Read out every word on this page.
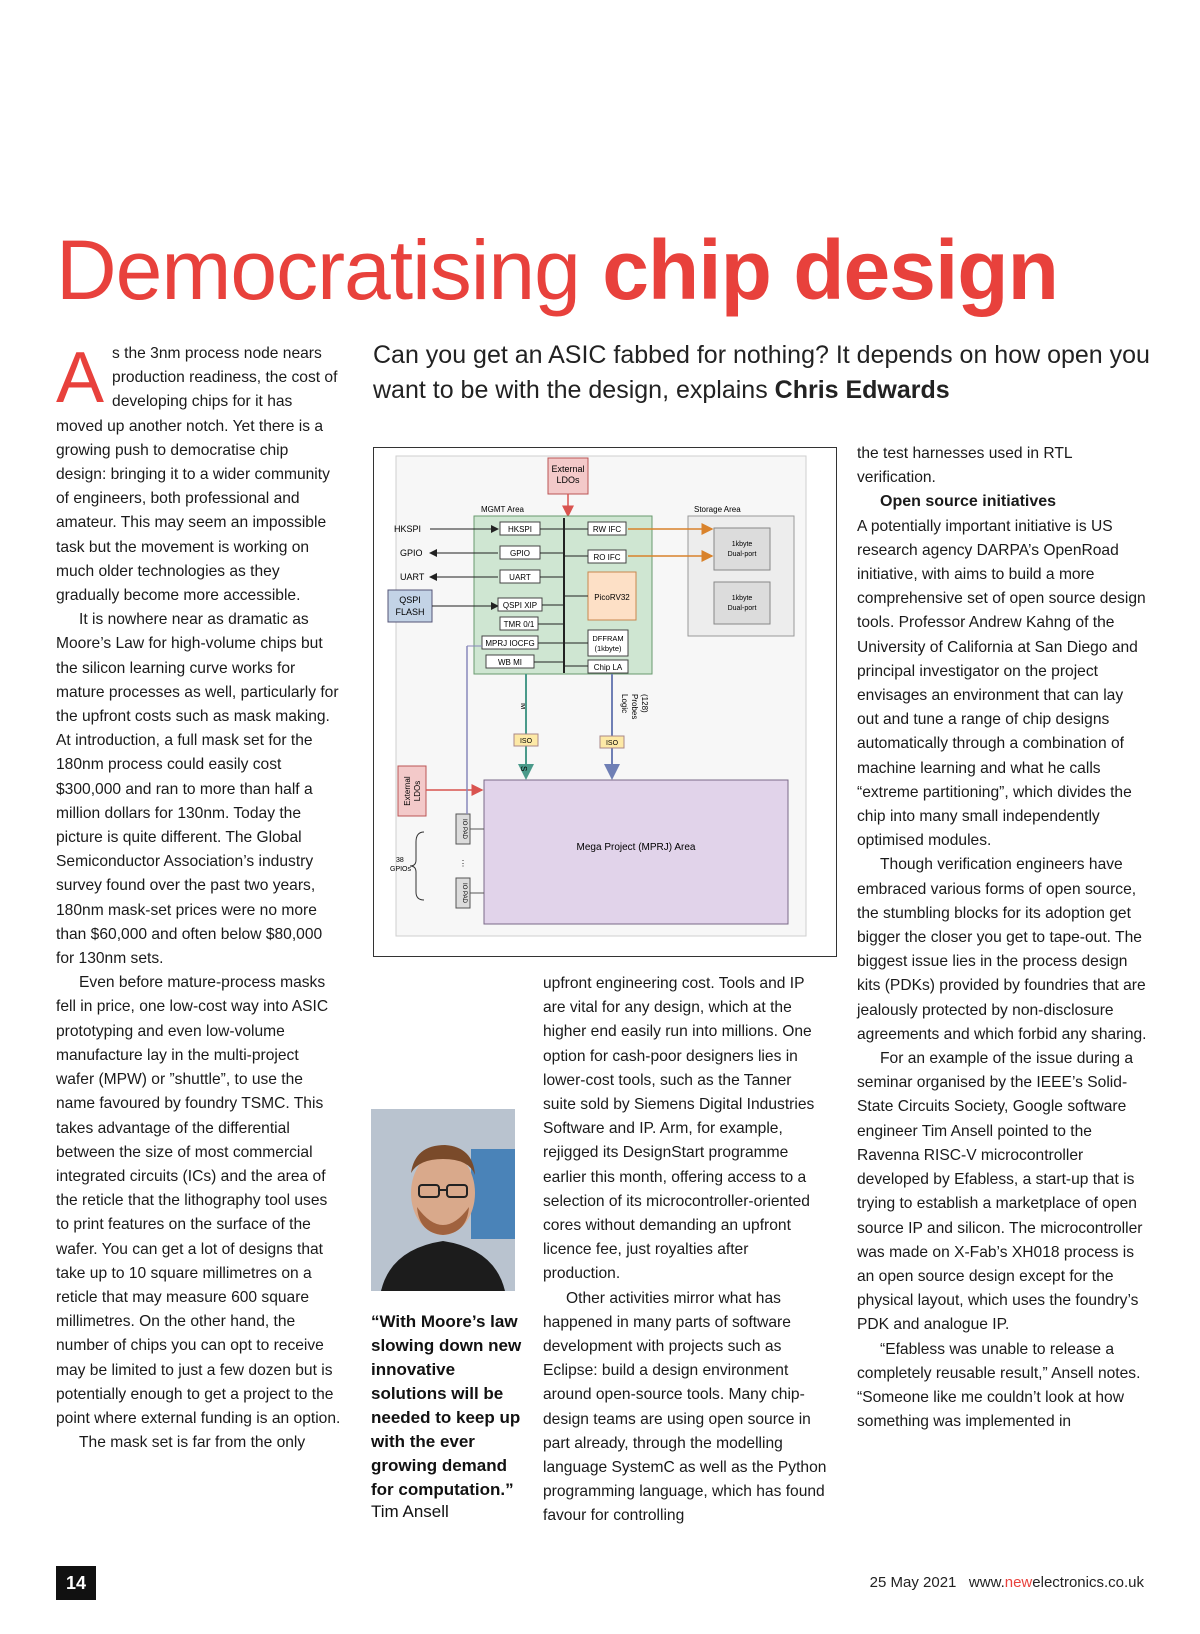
Democratising chip design
Can you get an ASIC fabbed for nothing? It depends on how open you want to be with the design, explains Chris Edwards
A s the 3nm process node nears production readiness, the cost of developing chips for it has moved up another notch. Yet there is a growing push to democratise chip design: bringing it to a wider community of engineers, both professional and amateur. This may seem an impossible task but the movement is working on much older technologies as they gradually become more accessible.

It is nowhere near as dramatic as Moore’s Law for high-volume chips but the silicon learning curve works for mature processes as well, particularly for the upfront costs such as mask making. At introduction, a full mask set for the 180nm process could easily cost $300,000 and ran to more than half a million dollars for 130nm. Today the picture is quite different. The Global Semiconductor Association’s industry survey found over the past two years, 180nm mask-set prices were no more than $60,000 and often below $80,000 for 130nm sets.

Even before mature-process masks fell in price, one low-cost way into ASIC prototyping and even low-volume manufacture lay in the multi-project wafer (MPW) or ”shuttle”, to use the name favoured by foundry TSMC. This takes advantage of the differential between the size of most commercial integrated circuits (ICs) and the area of the reticle that the lithography tool uses to print features on the surface of the wafer. You can get a lot of designs that take up to 10 square millimetres on a reticle that may measure 600 square millimetres. On the other hand, the number of chips you can opt to receive may be limited to just a few dozen but is potentially enough to get a project to the point where external funding is an option.

The mask set is far from the only

External
LDOs
MGMT Area	Storage Area
1kbyte
Dual-port
1kbyte
Dual-port
HKSPI
GPIO
UART
QSPI
FLASH
HKSPI
GPIO
UART
QSPI XIP
TMR 0/1
MPRJ IOCFG
WB MI
RW IFC
RO IFC
PicoRV32
DFFRAM
(1kbyte)
Chip LA
M
S
ISO
Logic Probes (128)
ISO
External LDOs
Mega Project (MPRJ) Area
IO PAD
IO PAD
⋮
38
GPIOs
“With Moore’s law slowing down new innovative solutions will be needed to keep up with the ever growing demand for computation.”
Tim Ansell

upfront engineering cost. Tools and IP are vital for any design, which at the higher end easily run into millions. One option for cash-poor designers lies in lower-cost tools, such as the Tanner suite sold by Siemens Digital Industries Software and IP. Arm, for example, rejigged its DesignStart programme earlier this month, offering access to a selection of its microcontroller-oriented cores without demanding an upfront licence fee, just royalties after production.

Other activities mirror what has happened in many parts of software development with projects such as Eclipse: build a design environment around open-source tools. Many chip-design teams are using open source in part already, through the modelling language SystemC as well as the Python programming language, which has found favour for controlling

the test harnesses used in RTL verification.

Open source initiatives

A potentially important initiative is US research agency DARPA’s OpenRoad initiative, with aims to build a more comprehensive set of open source design tools. Professor Andrew Kahng of the University of California at San Diego and principal investigator on the project envisages an environment that can lay out and tune a range of chip designs automatically through a combination of machine learning and what he calls “extreme partitioning”, which divides the chip into many small independently optimised modules.

Though verification engineers have embraced various forms of open source, the stumbling blocks for its adoption get bigger the closer you get to tape-out. The biggest issue lies in the process design kits (PDKs) provided by foundries that are jealously protected by non-disclosure agreements and which forbid any sharing.

For an example of the issue during a seminar organised by the IEEE’s Solid-State Circuits Society, Google software engineer Tim Ansell pointed to the Ravenna RISC-V microcontroller developed by Efabless, a start-up that is trying to establish a marketplace of open source IP and silicon. The microcontroller was made on X-Fab’s XH018 process is an open source design except for the physical layout, which uses the foundry’s PDK and analogue IP.

“Efabless was unable to release a completely reusable result,” Ansell notes. “Someone like me couldn’t look at how something was implemented in

14	25 May 2021 www.newelectronics.co.uk
